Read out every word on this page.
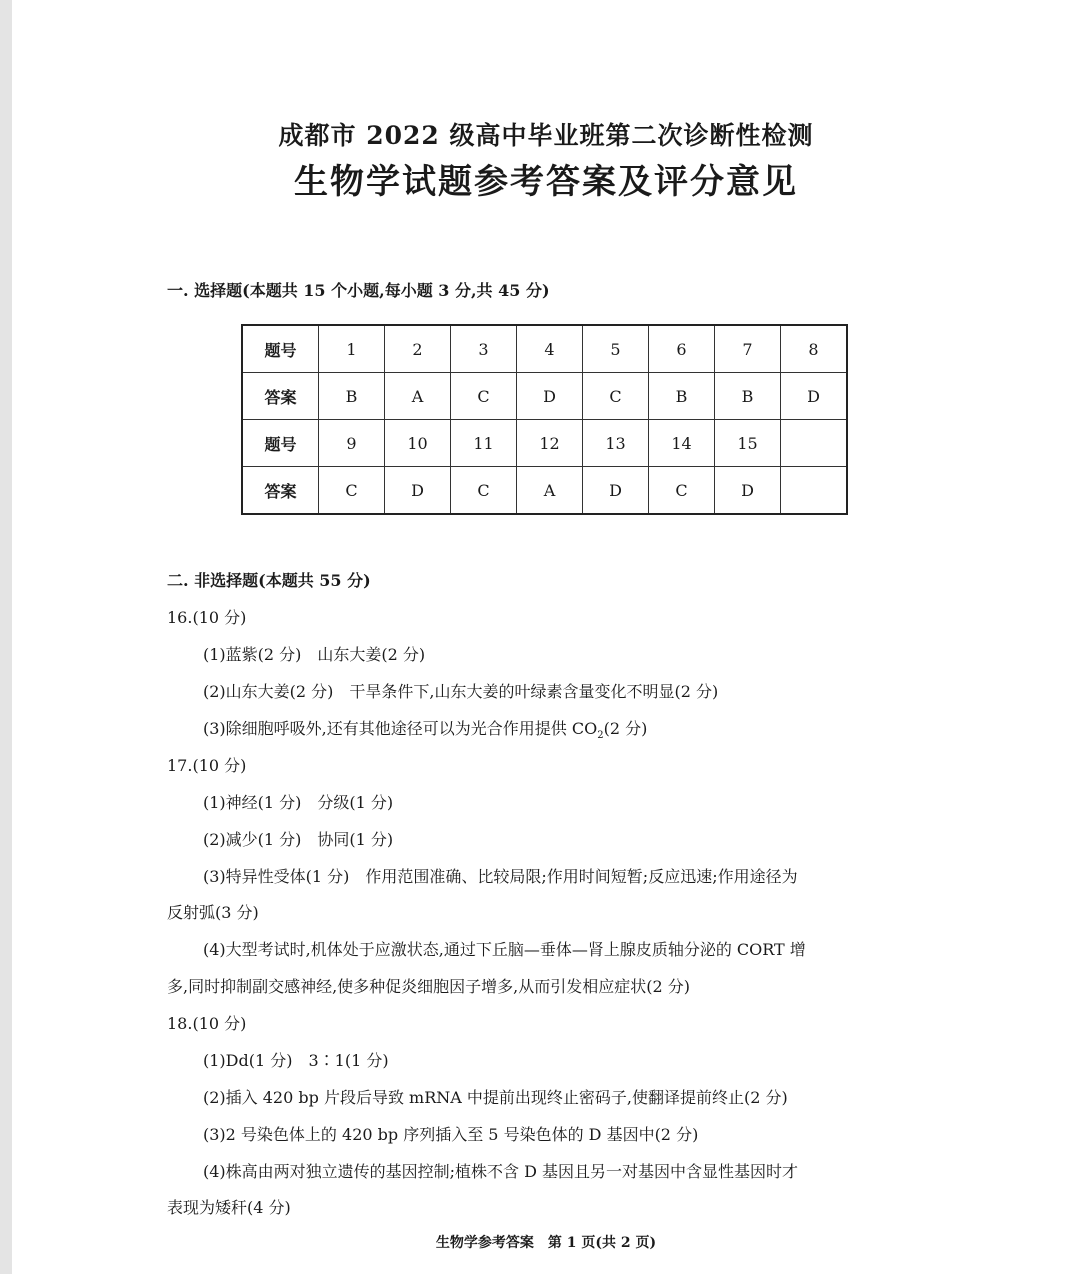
成都市 2022 级高中毕业班第二次诊断性检测
生物学试题参考答案及评分意见
一. 选择题(本题共 15 个小题,每小题 3 分,共 45 分)
题号	1	2	3	4	5	6	7	8
答案	B	A	C	D	C	B	B	D
题号	9	10	11	12	13	14	15	
答案	C	D	C	A	D	C	D	
二. 非选择题(本题共 55 分)
16.(10 分)
(1)蓝紫(2 分)　山东大姜(2 分)
(2)山东大姜(2 分)　干旱条件下,山东大姜的叶绿素含量变化不明显(2 分)
(3)除细胞呼吸外,还有其他途径可以为光合作用提供 $CO_2(2$ 分)
17.(10 分)
(1)神经(1 分)　分级(1 分)
(2)减少(1 分)　协同(1 分)
(3)特异性受体(1 分)　作用范围准确、比较局限;作用时间短暂;反应迅速;作用途径为
反射弧(3 分)
(4)大型考试时,机体处于应激状态,通过下丘脑—垂体—肾上腺皮质轴分泌的 CORT 增
多,同时抑制副交感神经,使多种促炎细胞因子增多,从而引发相应症状(2 分)
18.(10 分)
(1)Dd(1 分)　3∶1(1 分)
(2)插入 420 bp 片段后导致 mRNA 中提前出现终止密码子,使翻译提前终止(2 分)
(3)2 号染色体上的 420 bp 序列插入至 5 号染色体的 D 基因中(2 分)
(4)株高由两对独立遗传的基因控制;植株不含 D 基因且另一对基因中含显性基因时才
表现为矮秆(4 分)
生物学参考答案　第 1 页(共 2 页)
